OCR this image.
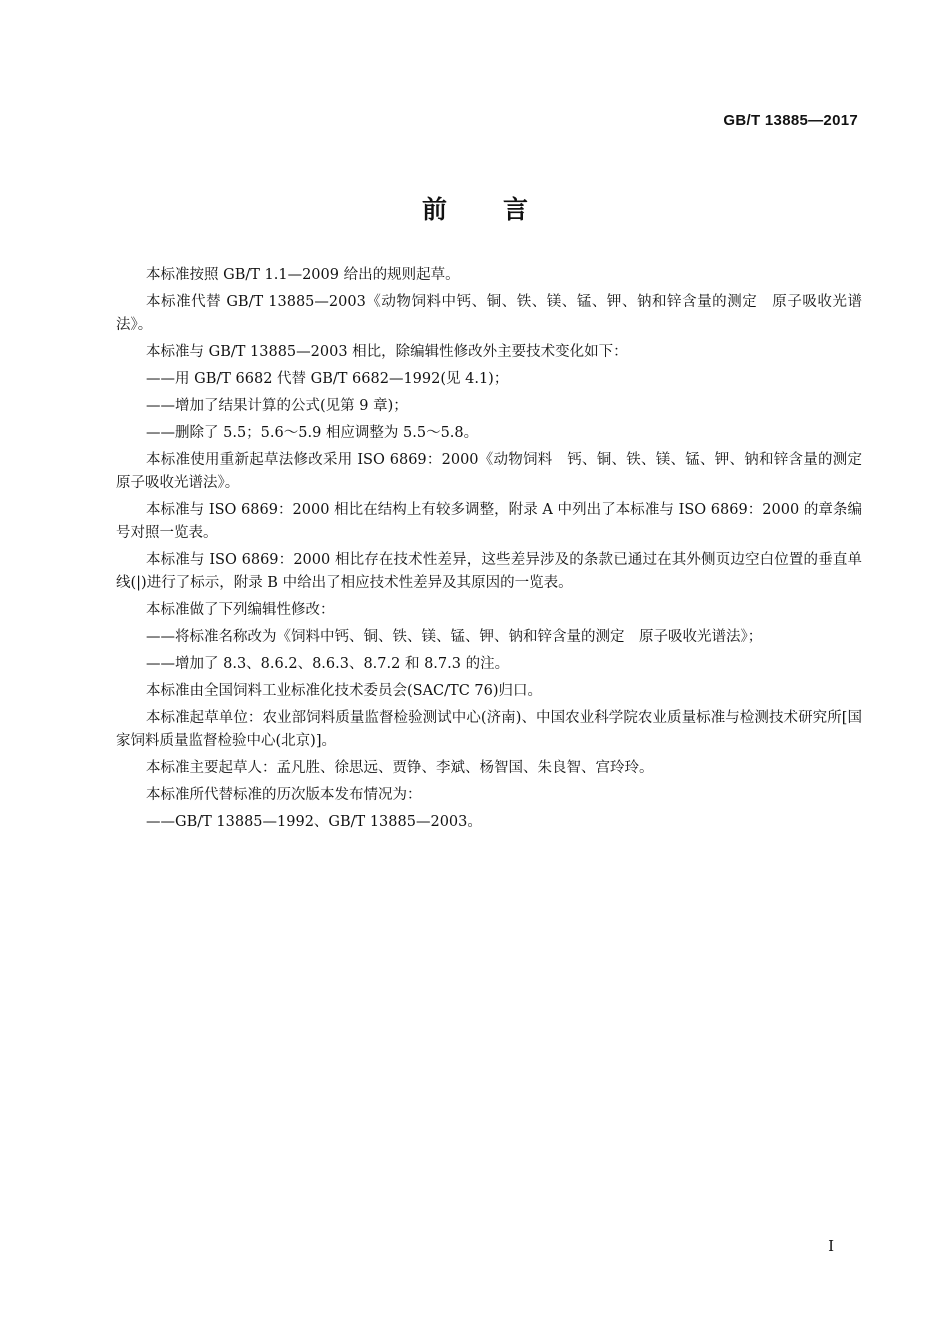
GB/T 13885—2017
前言

本标准按照 GB/T 1.1—2009 给出的规则起草。

本标准代替 GB/T 13885—2003《动物饲料中钙、铜、铁、镁、锰、钾、钠和锌含量的测定　原子吸收光谱法》。

本标准与 GB/T 13885—2003 相比，除编辑性修改外主要技术变化如下：

——用 GB/T 6682 代替 GB/T 6682—1992(见 4.1)；

——增加了结果计算的公式(见第 9 章)；

——删除了 5.5；5.6～5.9 相应调整为 5.5～5.8。

本标准使用重新起草法修改采用 ISO 6869：2000《动物饲料　钙、铜、铁、镁、锰、钾、钠和锌含量的测定　原子吸收光谱法》。

本标准与 ISO 6869：2000 相比在结构上有较多调整，附录 A 中列出了本标准与 ISO 6869：2000 的章条编号对照一览表。

本标准与 ISO 6869：2000 相比存在技术性差异，这些差异涉及的条款已通过在其外侧页边空白位置的垂直单线(|)进行了标示，附录 B 中给出了相应技术性差异及其原因的一览表。

本标准做了下列编辑性修改：

——将标准名称改为《饲料中钙、铜、铁、镁、锰、钾、钠和锌含量的测定　原子吸收光谱法》；

——增加了 8.3、8.6.2、8.6.3、8.7.2 和 8.7.3 的注。

本标准由全国饲料工业标准化技术委员会(SAC/TC 76)归口。

本标准起草单位：农业部饲料质量监督检验测试中心(济南)、中国农业科学院农业质量标准与检测技术研究所[国家饲料质量监督检验中心(北京)]。

本标准主要起草人：孟凡胜、徐思远、贾铮、李斌、杨智国、朱良智、宫玲玲。

本标准所代替标准的历次版本发布情况为：

——GB/T 13885—1992、GB/T 13885—2003。

I
